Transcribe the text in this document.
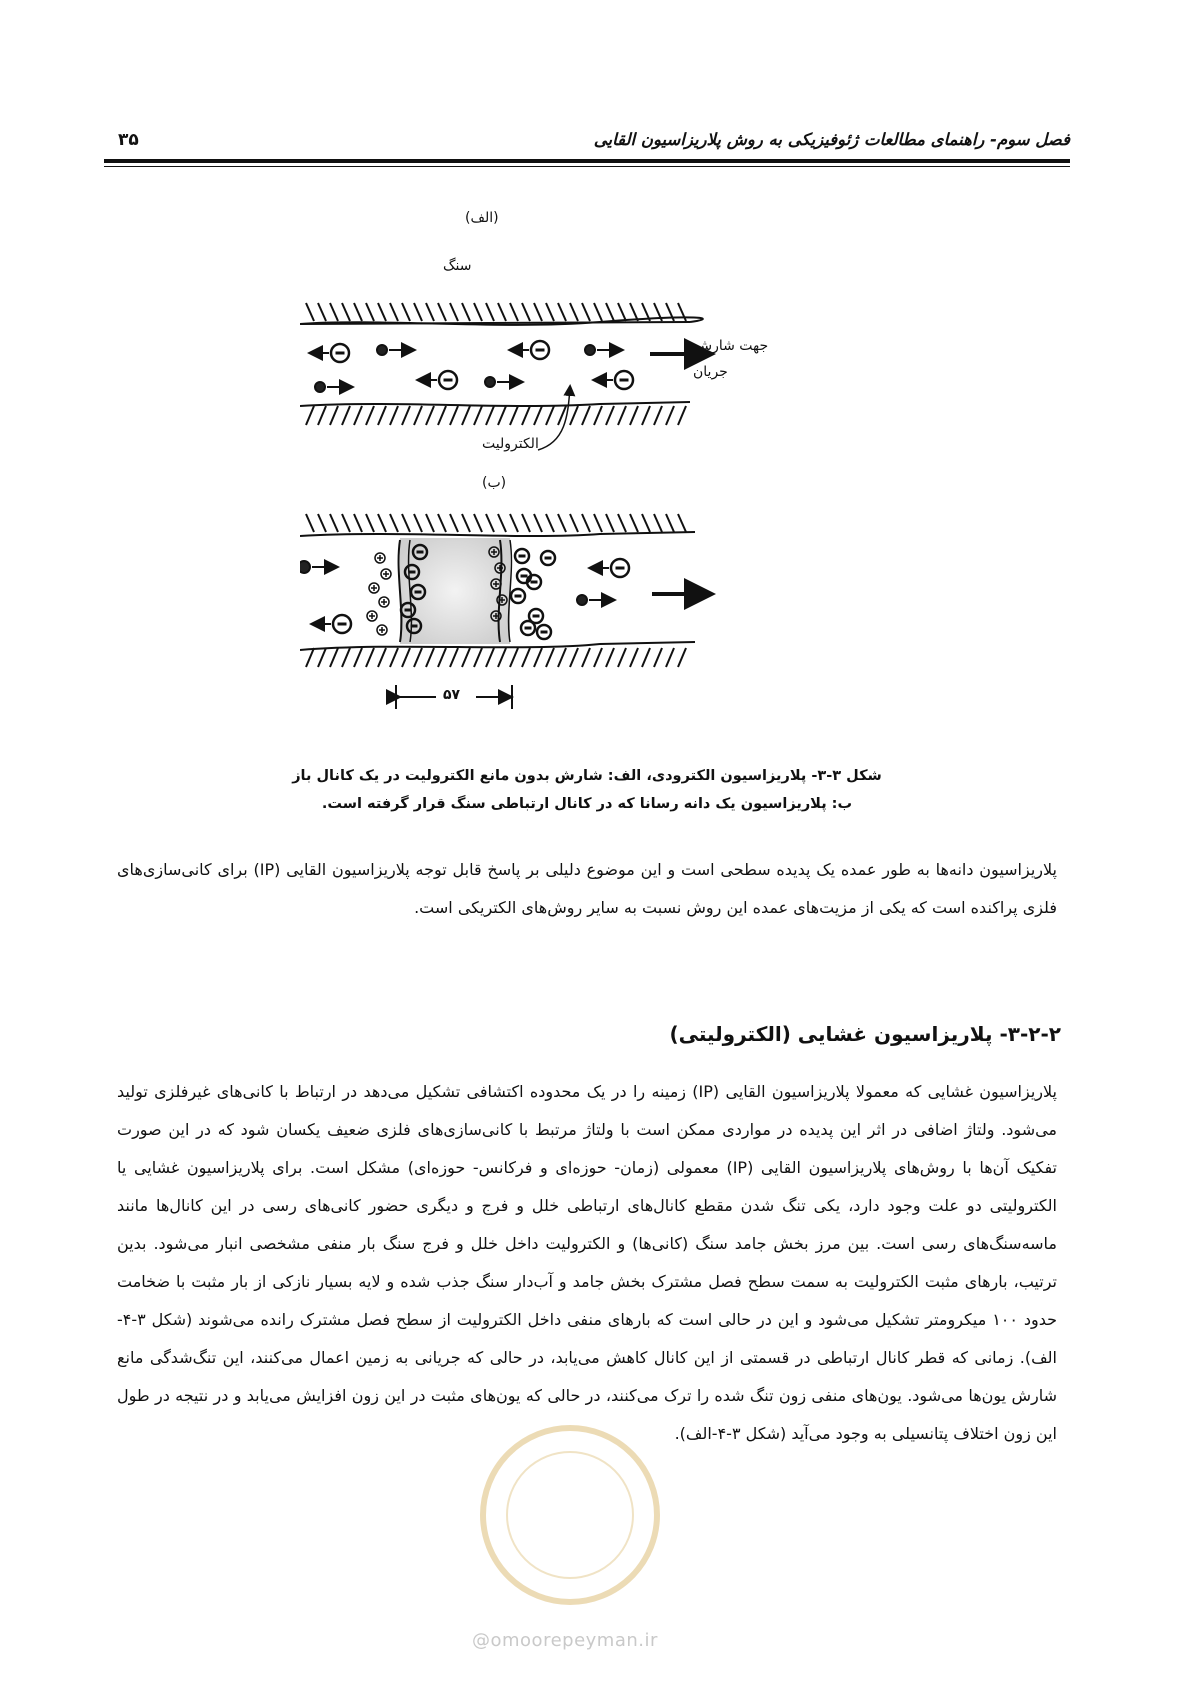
فصل سوم- راهنمای مطالعات ژئوفیزیکی به روش پلاریزاسیون القایی
۳۵
(الف)
سنگ
جهت شارش
جریان
الکترولیت
(ب)
۵۷
شکل ۳-۳- پلاریزاسیون الکترودی، الف: شارش بدون مانع الکترولیت در یک کانال باز
ب: پلاریزاسیون یک دانه رسانا که در کانال ارتباطی سنگ قرار گرفته است.
پلاریزاسیون دانه‌ها به طور عمده یک پدیده سطحی است و این موضوع دلیلی بر پاسخ قابل توجه پلاریزاسیون القایی (IP) برای کانی‌سازی‌های فلزی پراکنده است که یکی از مزیت‌های عمده این روش نسبت به سایر روش‌های الکتریکی است.
۳-۲-۲- پلاریزاسیون غشایی (الکترولیتی)
پلاریزاسیون غشایی که معمولا پلاریزاسیون القایی (IP) زمینه را در یک محدوده اکتشافی تشکیل می‌دهد در ارتباط با کانی‌های غیرفلزی تولید می‌شود. ولتاژ اضافی در اثر این پدیده در مواردی ممکن است با ولتاژ مرتبط با کانی‌سازی‌های فلزی ضعیف یکسان شود که در این صورت تفکیک آن‌ها با روش‌های پلاریزاسیون القایی (IP) معمولی (زمان- حوزه‌ای و فرکانس- حوزه‌ای) مشکل است. برای پلاریزاسیون غشایی یا الکترولیتی دو علت وجود دارد، یکی تنگ شدن مقطع کانال‌های ارتباطی خلل و فرج و دیگری حضور کانی‌های رسی در این کانال‌ها مانند ماسه‌سنگ‌های رسی است. بین مرز بخش جامد سنگ (کانی‌ها) و الکترولیت داخل خلل و فرج سنگ بار منفی مشخصی انبار می‌شود. بدین ترتیب، بارهای مثبت الکترولیت به سمت سطح فصل مشترک بخش جامد و آب‌دار سنگ جذب شده و لایه بسیار نازکی از بار مثبت با ضخامت حدود ۱۰۰ میکرومتر تشکیل می‌شود و این در حالی است که بارهای منفی داخل الکترولیت از سطح فصل مشترک رانده می‌شوند (شکل ۳-۴-الف). زمانی که قطر کانال ارتباطی در قسمتی از این کانال کاهش می‌یابد، در حالی که جریانی به زمین اعمال می‌کنند، این تنگ‌شدگی مانع شارش یون‌ها می‌شود. یون‌های منفی زون تنگ شده را ترک می‌کنند، در حالی که یون‌های مثبت در این زون افزایش می‌یابد و در نتیجه در طول این زون اختلاف پتانسیلی به وجود می‌آید (شکل ۳-۴-الف).
@omoorepeyman.ir
